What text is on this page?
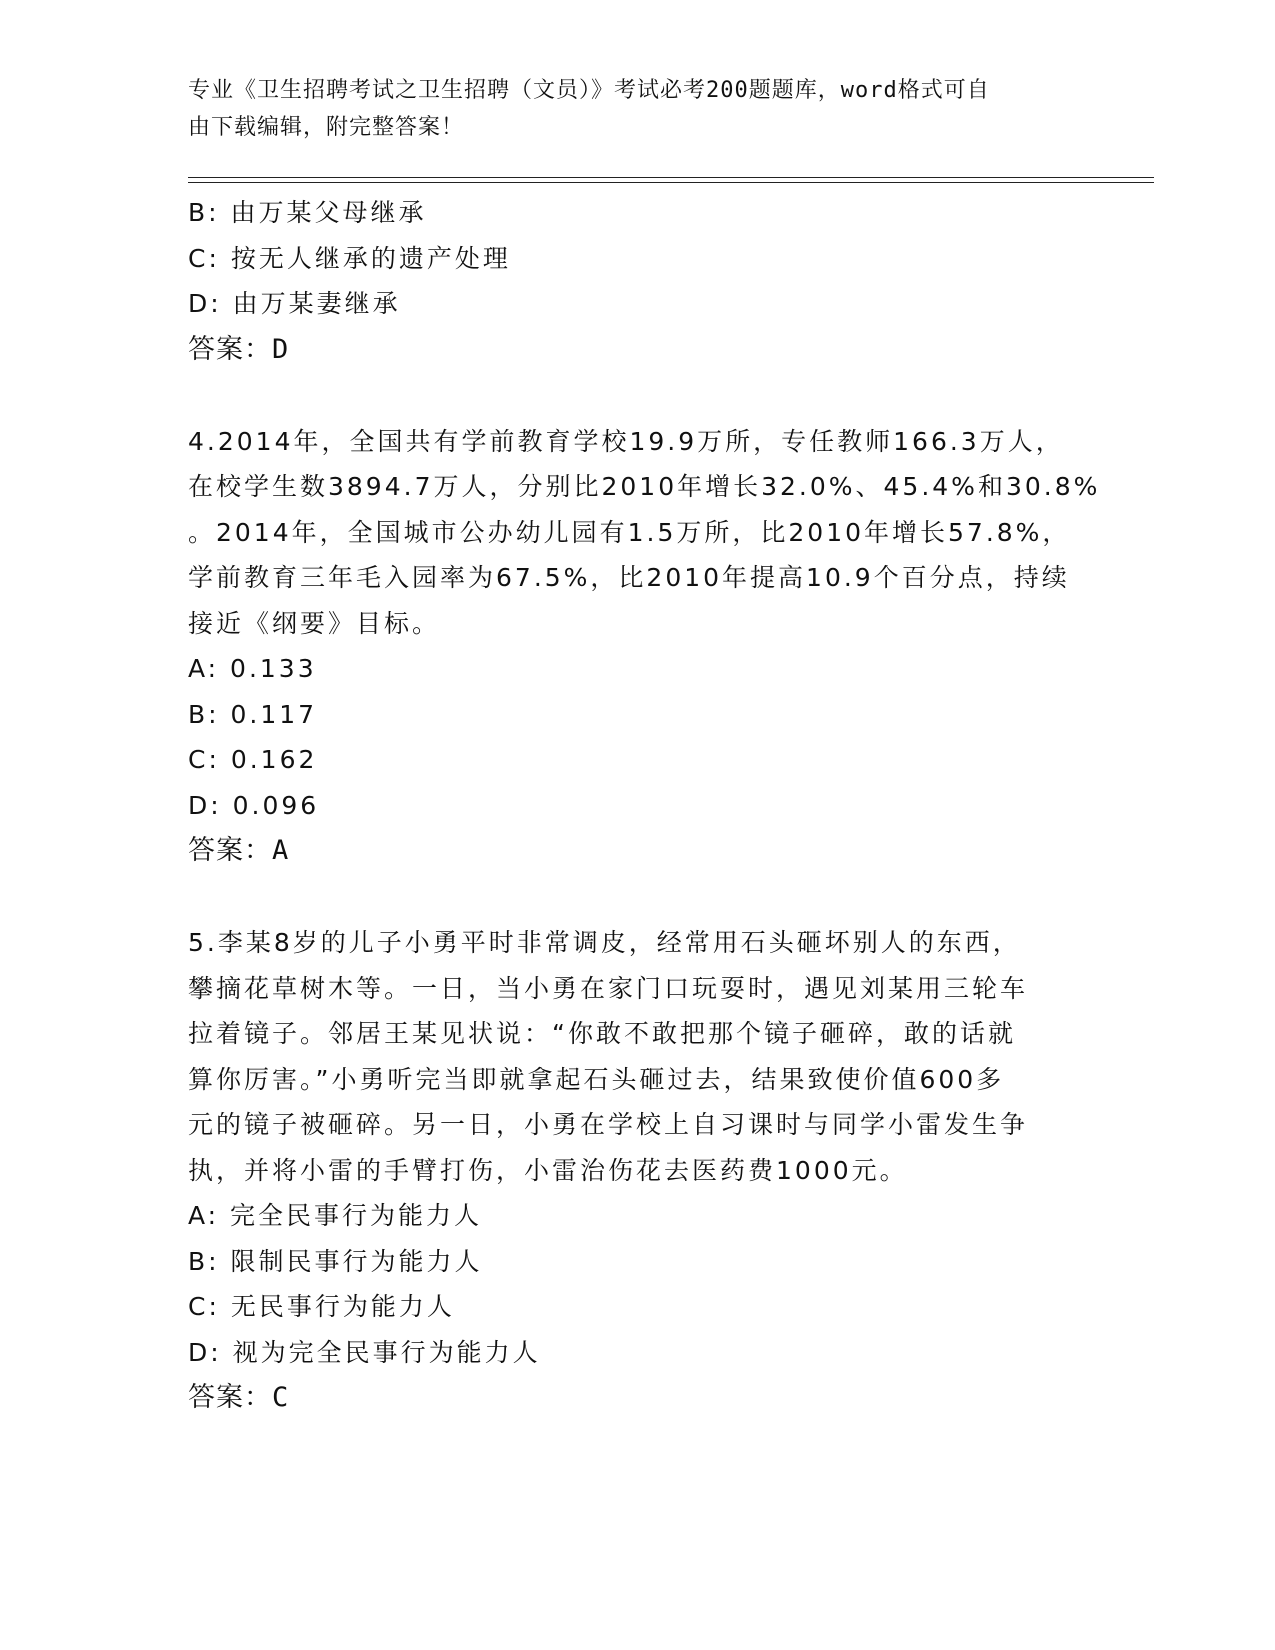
专业《卫生招聘考试之卫生招聘（文员）》考试必考200题题库，word格式可自
由下载编辑，附完整答案！
B: 由万某父母继承
C: 按无人继承的遗产处理
D: 由万某妻继承
答案：D
4.2014年，全国共有学前教育学校19.9万所，专任教师166.3万人，
在校学生数3894.7万人，分别比2010年增长32.0%、45.4%和30.8%
。2014年，全国城市公办幼儿园有1.5万所，比2010年增长57.8%，
学前教育三年毛入园率为67.5%，比2010年提高10.9个百分点，持续
接近《纲要》目标。
A: 0.133
B: 0.117
C: 0.162
D: 0.096
答案：A
5.李某8岁的儿子小勇平时非常调皮，经常用石头砸坏别人的东西，
攀摘花草树木等。一日，当小勇在家门口玩耍时，遇见刘某用三轮车
拉着镜子。邻居王某见状说：“你敢不敢把那个镜子砸碎，敢的话就
算你厉害。”小勇听完当即就拿起石头砸过去，结果致使价值600多
元的镜子被砸碎。另一日，小勇在学校上自习课时与同学小雷发生争
执，并将小雷的手臂打伤，小雷治伤花去医药费1000元。
A: 完全民事行为能力人
B: 限制民事行为能力人
C: 无民事行为能力人
D: 视为完全民事行为能力人
答案：C
